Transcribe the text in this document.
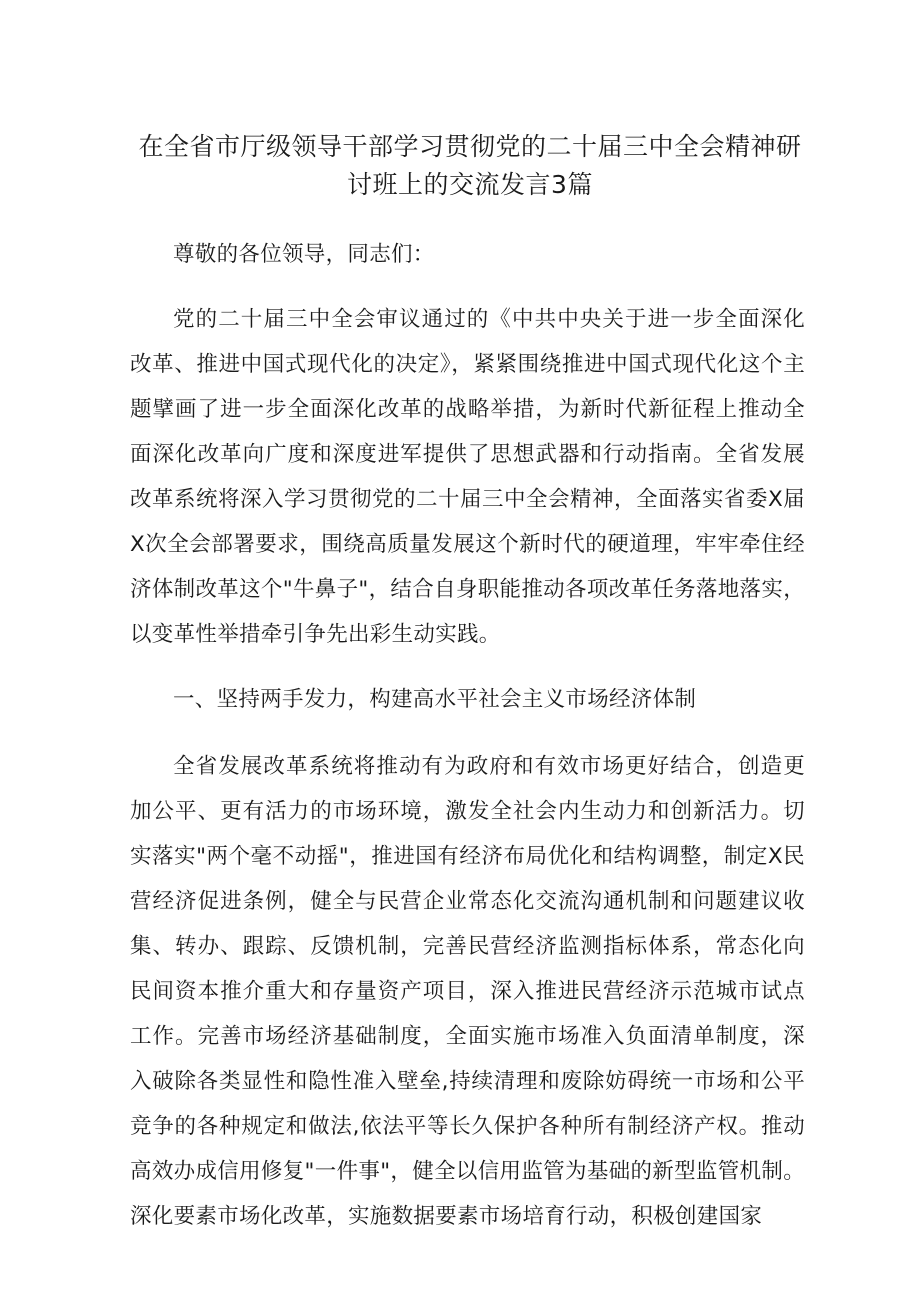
在全省市厅级领导干部学习贯彻党的二十届三中全会精神研
讨班上的交流发言3篇

尊敬的各位领导，同志们：

党的二十届三中全会审议通过的《中共中央关于进一步全面深化改革、推进中国式现代化的决定》，紧紧围绕推进中国式现代化这个主题擘画了进一步全面深化改革的战略举措，为新时代新征程上推动全面深化改革向广度和深度进军提供了思想武器和行动指南。全省发展改革系统将深入学习贯彻党的二十届三中全会精神，全面落实省委X届X次全会部署要求，围绕高质量发展这个新时代的硬道理，牢牢牵住经济体制改革这个"牛鼻子"，结合自身职能推动各项改革任务落地落实，以变革性举措牵引争先出彩生动实践。

一、坚持两手发力，构建高水平社会主义市场经济体制

全省发展改革系统将推动有为政府和有效市场更好结合，创造更加公平、更有活力的市场环境，激发全社会内生动力和创新活力。切实落实"两个毫不动摇"，推进国有经济布局优化和结构调整，制定X民营经济促进条例，健全与民营企业常态化交流沟通机制和问题建议收集、转办、跟踪、反馈机制，完善民营经济监测指标体系，常态化向民间资本推介重大和存量资产项目，深入推进民营经济示范城市试点工作。完善市场经济基础制度，全面实施市场准入负面清单制度，深入破除各类显性和隐性准入壁垒,持续清理和废除妨碍统一市场和公平竞争的各种规定和做法,依法平等长久保护各种所有制经济产权。推动高效办成信用修复"一件事"，健全以信用监管为基础的新型监管机制。深化要素市场化改革，实施数据要素市场培育行动，积极创建国家
